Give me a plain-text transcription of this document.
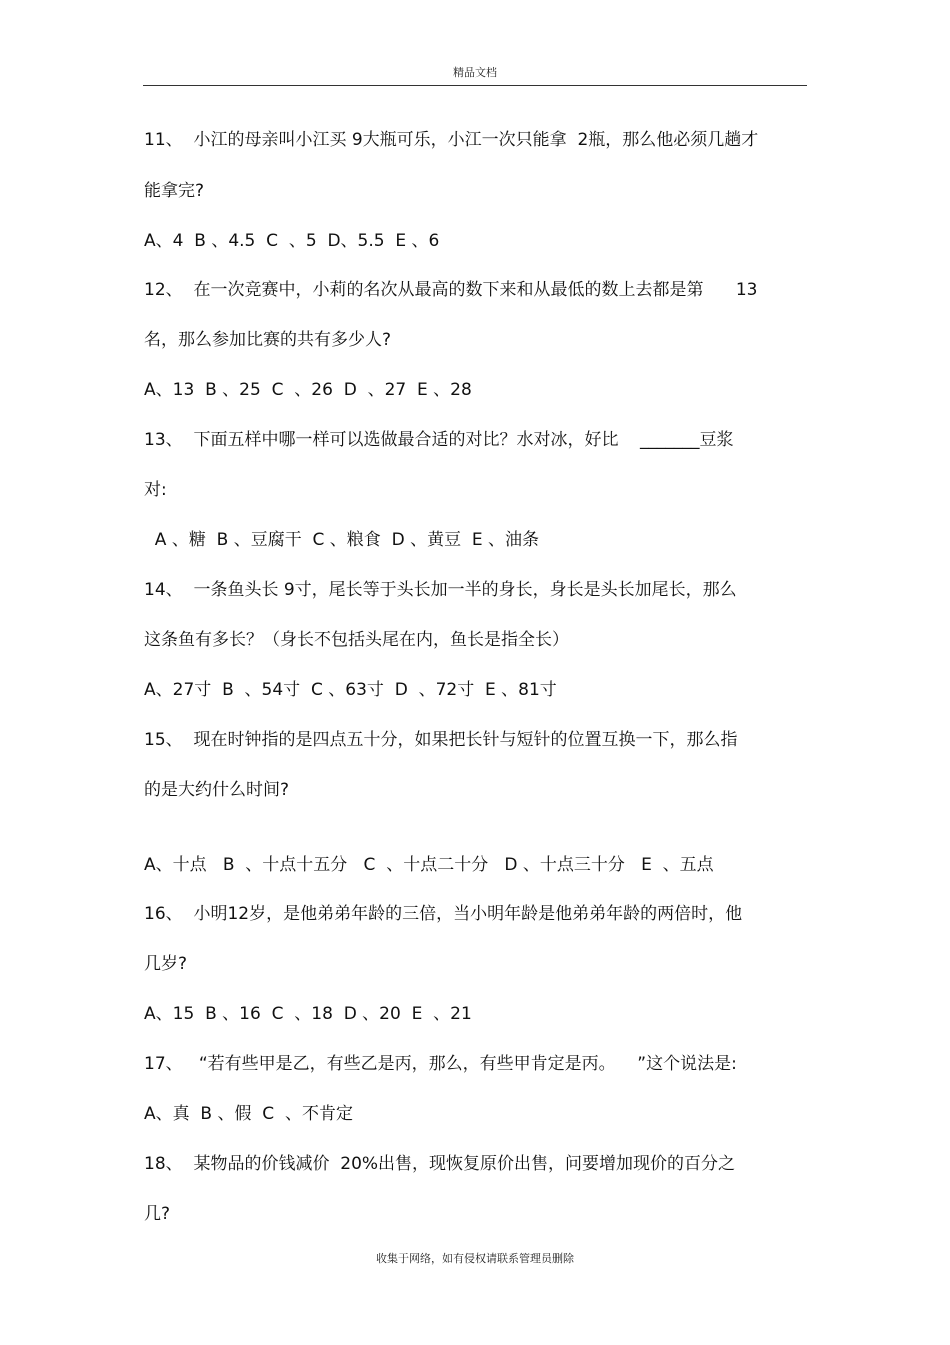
精品文档
11、  小江的母亲叫小江买 9大瓶可乐，小江一次只能拿  2瓶，那么他必须几趟才
能拿完?
A、4  B 、4.5  C  、5  D、5.5  E 、6
12、  在一次竞赛中，小莉的名次从最高的数下来和从最低的数上去都是第      13
名，那么参加比赛的共有多少人?
A、13  B 、25  C  、26  D  、27  E 、28
13、  下面五样中哪一样可以选做最合适的对比？水对冰，好比    _______豆浆
对:
A 、糖  B 、豆腐干  C 、粮食  D 、黄豆  E 、油条
14、  一条鱼头长 9寸，尾长等于头长加一半的身长，身长是头长加尾长，那么
这条鱼有多长？（身长不包括头尾在内，鱼长是指全长）
A、27寸  B  、54寸  C 、63寸  D  、72寸  E 、81寸
15、  现在时钟指的是四点五十分，如果把长针与短针的位置互换一下，那么指
的是大约什么时间?
A、十点   B  、十点十五分   C  、十点二十分   D 、十点三十分   E  、五点
16、  小明12岁，是他弟弟年龄的三倍，当小明年龄是他弟弟年龄的两倍时，他
几岁?
A、15  B 、16  C  、18  D 、20  E  、21
17、   “若有些甲是乙，有些乙是丙，那么，有些甲肯定是丙。    ”这个说法是:
A、真  B 、假  C  、不肯定
18、  某物品的价钱减价  20%出售，现恢复原价出售，问要增加现价的百分之
几?
收集于网络，如有侵权请联系管理员删除
